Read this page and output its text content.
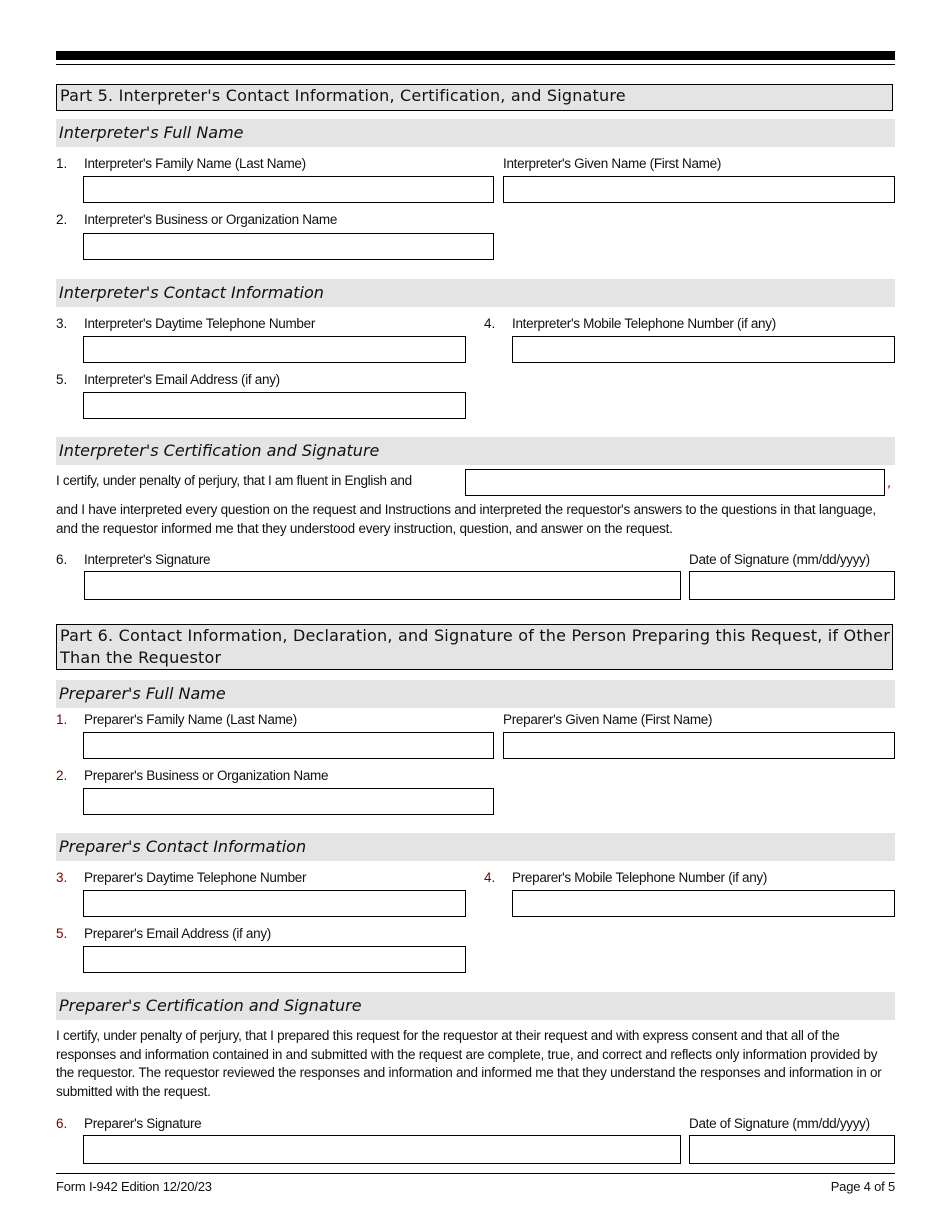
Part 5. Interpreter's Contact Information, Certification, and Signature
Interpreter's Full Name
1. Interpreter's Family Name (Last Name)	Interpreter's Given Name (First Name)
2. Interpreter's Business or Organization Name
Interpreter's Contact Information
3. Interpreter's Daytime Telephone Number	4. Interpreter's Mobile Telephone Number (if any)
5. Interpreter's Email Address (if any)
Interpreter's Certification and Signature
I certify, under penalty of perjury, that I am fluent in English and	,
and I have interpreted every question on the request and Instructions and interpreted the requestor's answers to the questions in that language, and the requestor informed me that they understood every instruction, question, and answer on the request.
6. Interpreter's Signature	Date of Signature (mm/dd/yyyy)
Part 6. Contact Information, Declaration, and Signature of the Person Preparing this Request, if Other Than the Requestor
Preparer's Full Name
1. Preparer's Family Name (Last Name)	Preparer's Given Name (First Name)
2. Preparer's Business or Organization Name
Preparer's Contact Information
3. Preparer's Daytime Telephone Number	4. Preparer's Mobile Telephone Number (if any)
5. Preparer's Email Address (if any)
Preparer's Certification and Signature
I certify, under penalty of perjury, that I prepared this request for the requestor at their request and with express consent and that all of the responses and information contained in and submitted with the request are complete, true, and correct and reflects only information provided by the requestor. The requestor reviewed the responses and information and informed me that they understand the responses and information in or submitted with the request.
6. Preparer's Signature	Date of Signature (mm/dd/yyyy)
Form I-942 Edition 12/20/23	Page 4 of 5
